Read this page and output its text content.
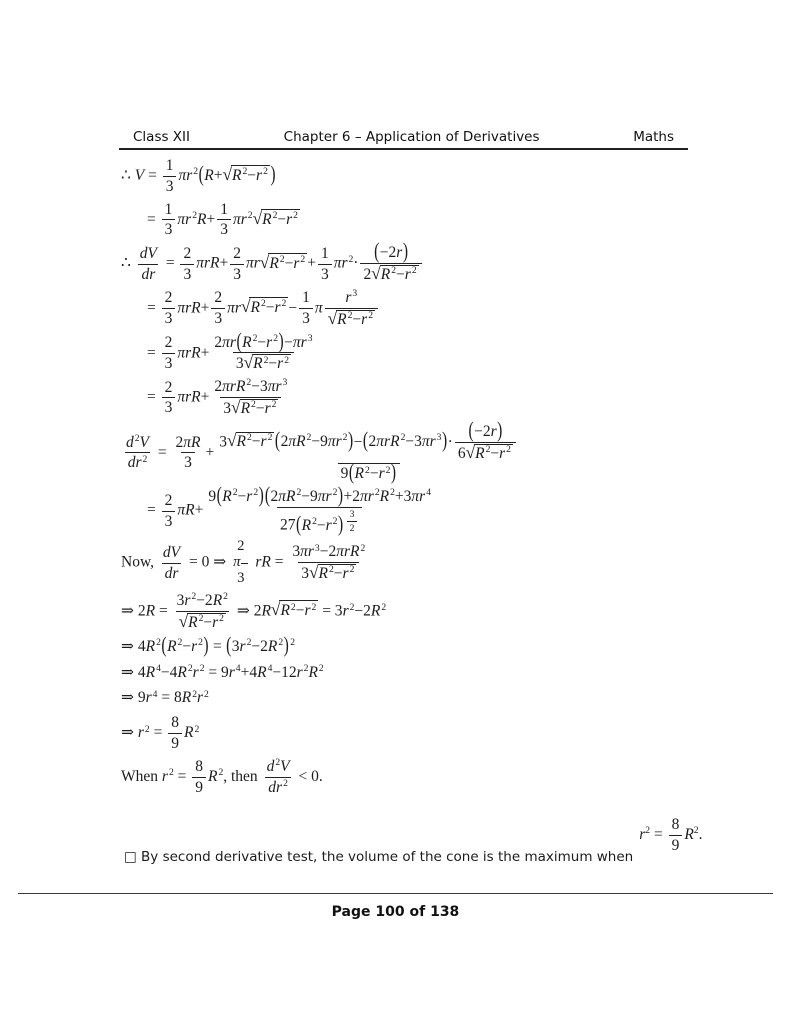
Class XII	Chapter 6 – Application of Derivatives	Maths
∴ $V = \frac{1}{3} \pi r^2$ ( R+ √ $R^2-r^2$ )
= $\frac{1}{3} \pi r^2R+ \frac{1}{3} \pi r^2$ √ $R^2-r^2$
∴ $\frac{dV}{dr} = \frac{2}{3} \pi rR+ \frac{2}{3}$ πr √ $R^2-r^2 + \frac{1}{3} \pi r^2\cdot \frac{( -2r )}{2 √ R^2-r^2}$
= $\frac{2}{3} \pi rR+ \frac{2}{3}$ πr √ $R^2-r^2 - \frac{1}{3}$ π $\frac{r^3}{√ R^2-r^2}$
= $\frac{2}{3} \pi rR+ \frac{2\pi r ( R^2-r^2 ) -\pi r^3}{3 √ R^2-r^2}$
= $\frac{2}{3} \pi rR+ \frac{2\pi rR^2-3\pi r^3}{3 √ R^2-r^2}$
$\frac{d^2V}{dr^2} = \frac{2\pi R}{3} + \frac{3 √ R^2-r^2 ( 2\pi R^2-9\pi r^2 ) - ( 2\pi rR^2-3\pi r^3 ) \cdot \frac{( -2r )}{6 √ R^2-r^2}}{9 ( R^2-r^2 )}$
= $\frac{2}{3} \pi R+ 9$ ( $R^2-r^2$ ) ( $2\pi R^2-9\pi r^2$ ) $+2\pi r^2R^2+3\pi r^4$
27 ( $R^2-r^2$ ) $^{\frac{3}{2}}$
Now, $\frac{dV}{dr} = 0$ ⇒
2
π
3
rR = $\frac{3\pi r^3-2\pi rR^2}{3 √ R^2-r^2}$
⇒ $2R = \frac{3r^2-2R^2}{√ R^2-r^2}$ ⇒ 2R √ $R^2-r^2 = 3r^2-2R^2$
⇒ $4R^2$ ( $R^2-r^2$ ) = ( $3r^2-2R^2$ ) $^2$
⇒ $4R^4-4R^2r^2 = 9r^4+4R^4-12r^2R^2$
⇒ $9r^4 = 8R^2r^2$
⇒ $r^2 = \frac{8}{9} R^2$
When $r^2 = \frac{8}{9} R^2$, then $\frac{d^2V}{dr^2} < 0$.
□ By second derivative test, the volume of the cone is the maximum when
$r^2 = \frac{8}{9} R^2$.
Page 100 of 138
